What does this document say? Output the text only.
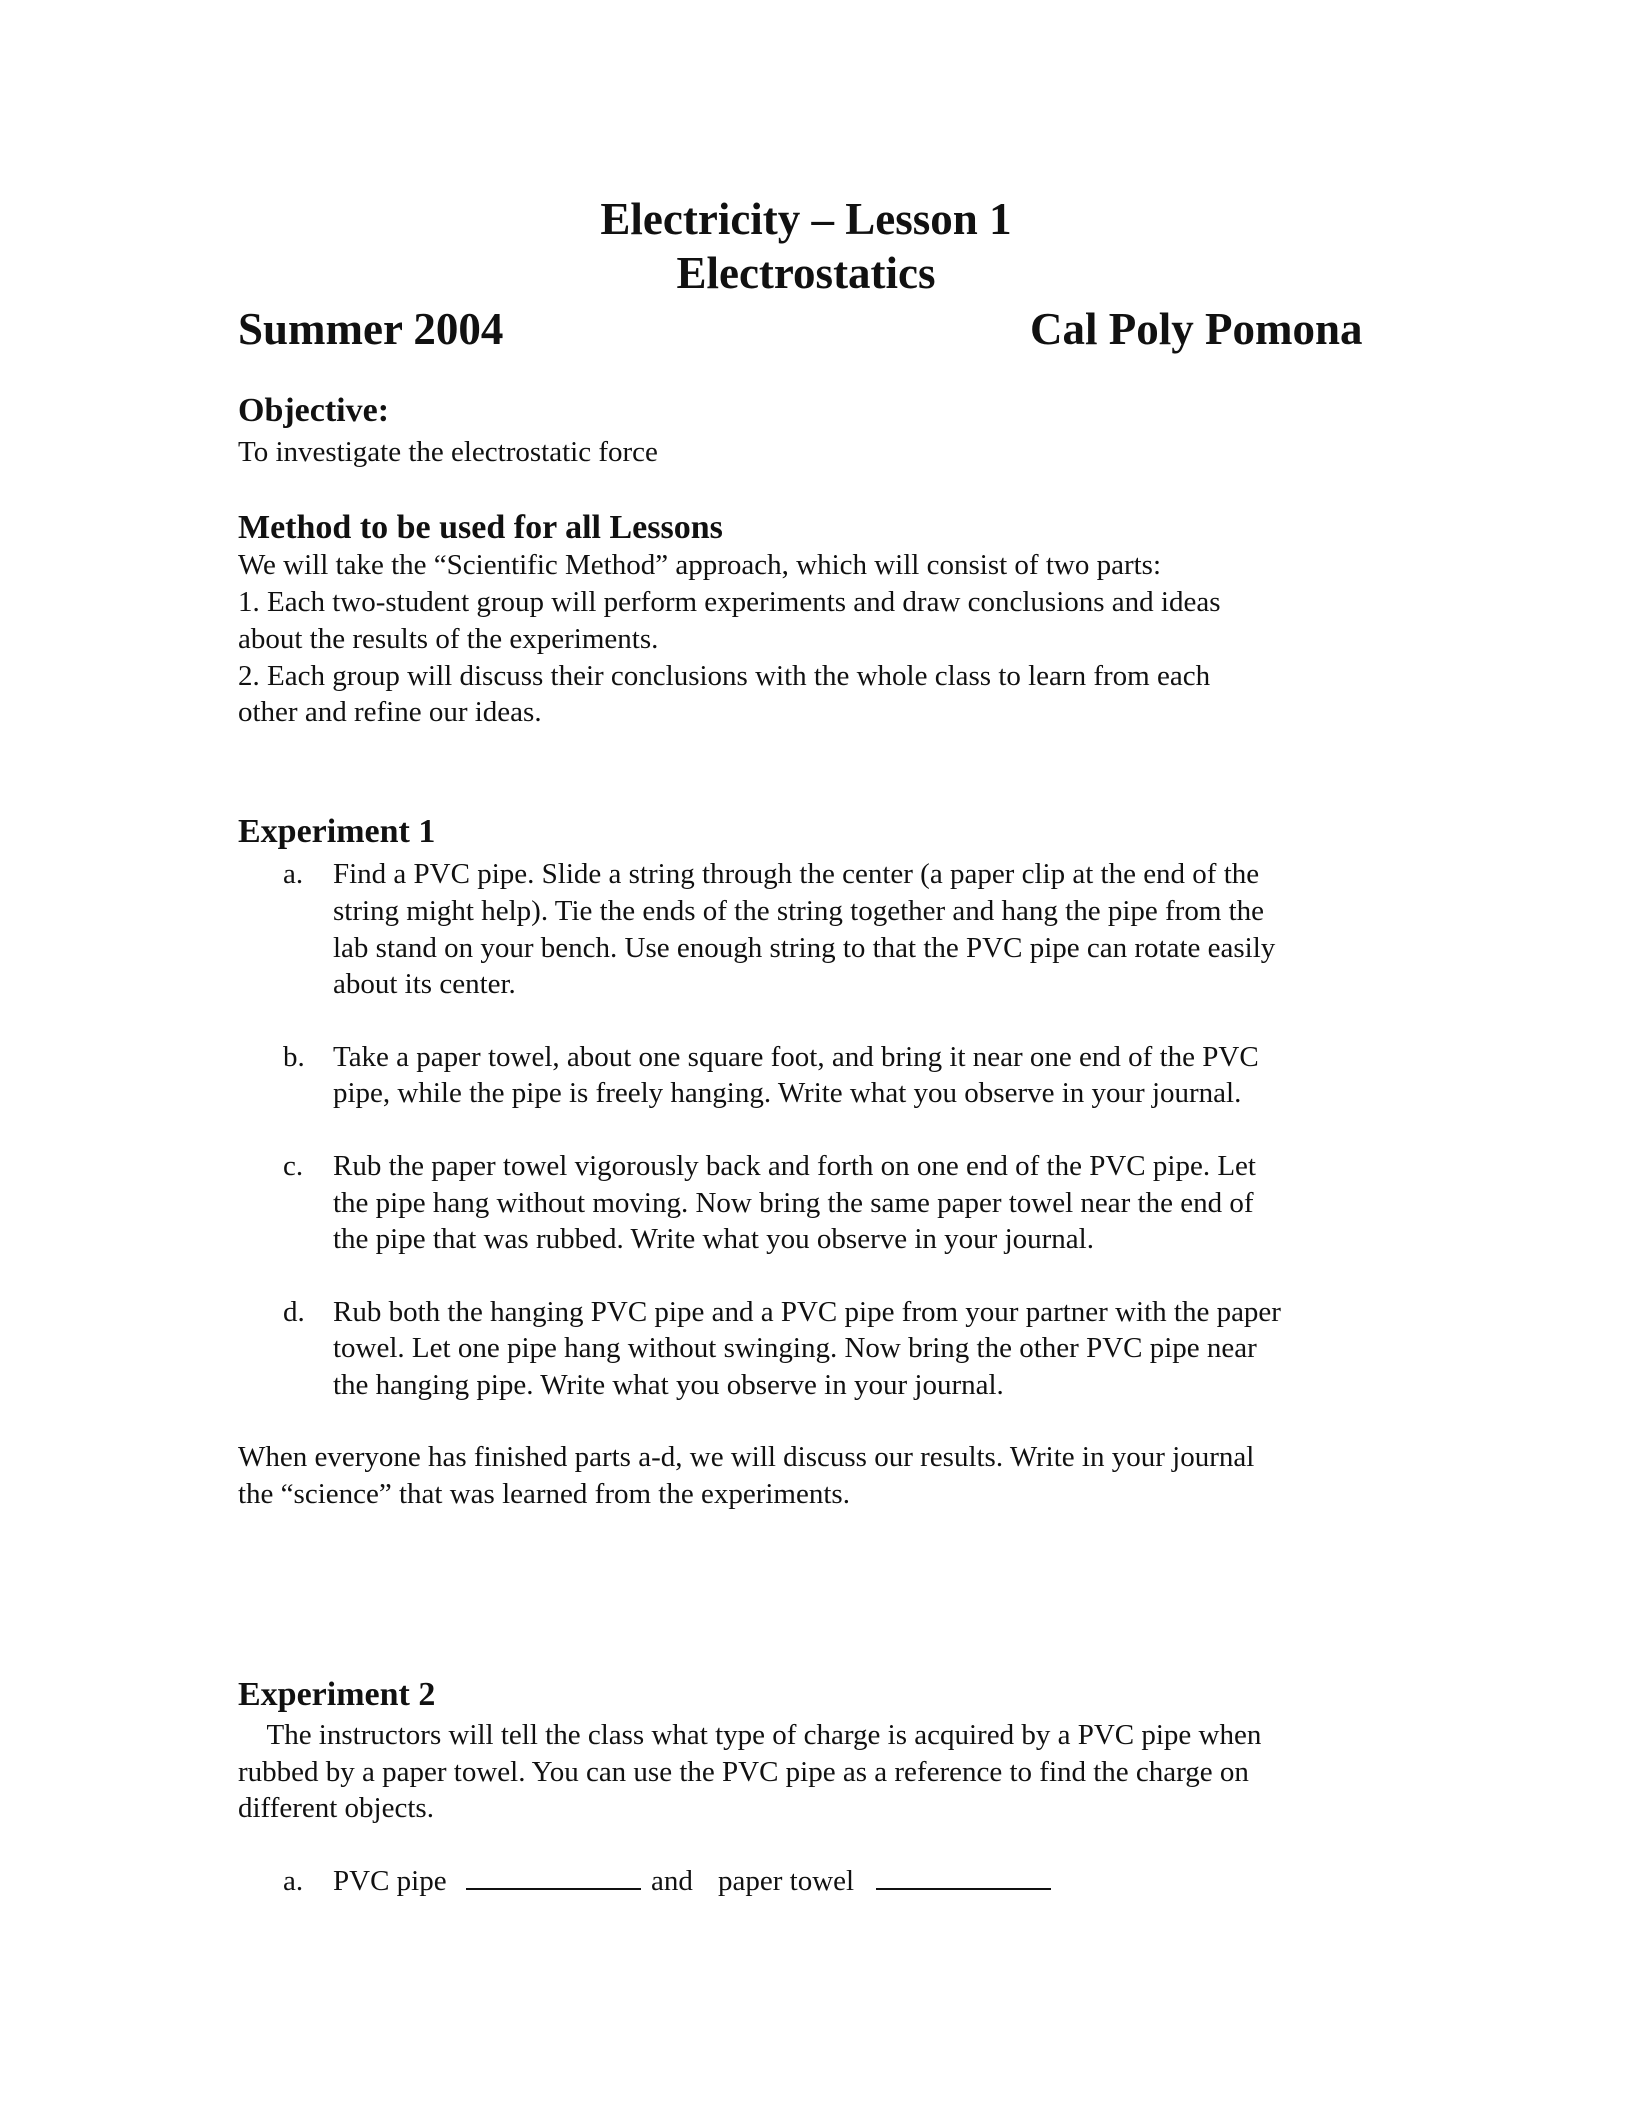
Electricity – Lesson 1
Electrostatics
Summer 2004	Cal Poly Pomona
Objective:
To investigate the electrostatic force
Method to be used for all Lessons
We will take the “Scientific Method” approach, which will consist of two parts:
1. Each two-student group will perform experiments and draw conclusions and ideas
about the results of the experiments.
2. Each group will discuss their conclusions with the whole class to learn from each
other and refine our ideas.
Experiment 1
a. Find a PVC pipe. Slide a string through the center (a paper clip at the end of the
string might help). Tie the ends of the string together and hang the pipe from the
lab stand on your bench. Use enough string to that the PVC pipe can rotate easily
about its center.
b. Take a paper towel, about one square foot, and bring it near one end of the PVC
pipe, while the pipe is freely hanging. Write what you observe in your journal.
c. Rub the paper towel vigorously back and forth on one end of the PVC pipe. Let
the pipe hang without moving. Now bring the same paper towel near the end of
the pipe that was rubbed. Write what you observe in your journal.
d. Rub both the hanging PVC pipe and a PVC pipe from your partner with the paper
towel. Let one pipe hang without swinging. Now bring the other PVC pipe near
the hanging pipe. Write what you observe in your journal.
When everyone has finished parts a-d, we will discuss our results. Write in your journal
the “science” that was learned from the experiments.
Experiment 2
The instructors will tell the class what type of charge is acquired by a PVC pipe when
rubbed by a paper towel. You can use the PVC pipe as a reference to find the charge on
different objects.
a. PVC pipe	and paper towel
